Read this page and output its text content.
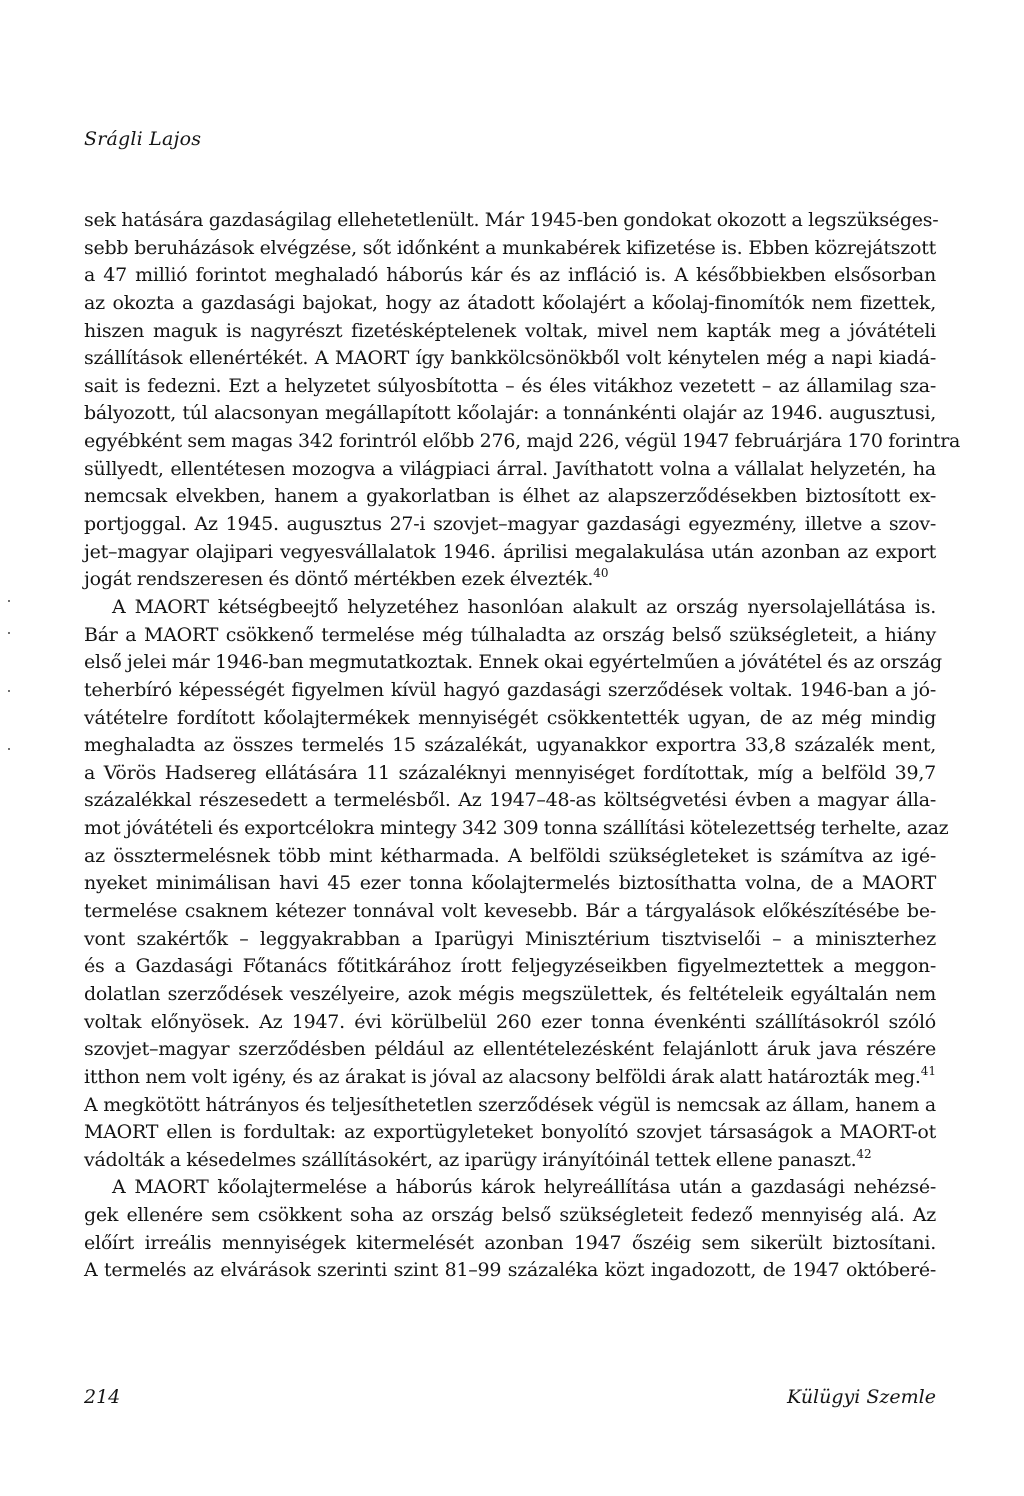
Srágli Lajos
sek hatására gazdaságilag ellehetetlenült. Már 1945-ben gondokat okozott a legszükséges-
sebb beruházások elvégzése, sőt időnként a munkabérek kifizetése is. Ebben közrejátszott
a 47 millió forintot meghaladó háborús kár és az infláció is. A későbbiekben elsősorban
az okozta a gazdasági bajokat, hogy az átadott kőolajért a kőolaj-finomítók nem fizettek,
hiszen maguk is nagyrészt fizetésképtelenek voltak, mivel nem kapták meg a jóvátételi
szállítások ellenértékét. A MAORT így bankkölcsönökből volt kénytelen még a napi kiadá-
sait is fedezni. Ezt a helyzetet súlyosbította – és éles vitákhoz vezetett – az államilag sza-
bályozott, túl alacsonyan megállapított kőolajár: a tonnánkénti olajár az 1946. augusztusi,
egyébként sem magas 342 forintról előbb 276, majd 226, végül 1947 februárjára 170 forintra
süllyedt, ellentétesen mozogva a világpiaci árral. Javíthatott volna a vállalat helyzetén, ha
nemcsak elvekben, hanem a gyakorlatban is élhet az alapszerződésekben biztosított ex-
portjoggal. Az 1945. augusztus 27-i szovjet–magyar gazdasági egyezmény, illetve a szov-
jet–magyar olajipari vegyesvállalatok 1946. áprilisi megalakulása után azonban az export
jogát rendszeresen és döntő mértékben ezek élvezték.$^{40}$
A MAORT kétségbeejtő helyzetéhez hasonlóan alakult az ország nyersolajellátása is.
Bár a MAORT csökkenő termelése még túlhaladta az ország belső szükségleteit, a hiány
első jelei már 1946-ban megmutatkoztak. Ennek okai egyértelműen a jóvátétel és az ország
teherbíró képességét figyelmen kívül hagyó gazdasági szerződések voltak. 1946-ban a jó-
vátételre fordított kőolajtermékek mennyiségét csökkentették ugyan, de az még mindig
meghaladta az összes termelés 15 százalékát, ugyanakkor exportra 33,8 százalék ment,
a Vörös Hadsereg ellátására 11 százaléknyi mennyiséget fordítottak, míg a belföld 39,7
százalékkal részesedett a termelésből. Az 1947–48-as költségvetési évben a magyar álla-
mot jóvátételi és exportcélokra mintegy 342 309 tonna szállítási kötelezettség terhelte, azaz
az össztermelésnek több mint kétharmada. A belföldi szükségleteket is számítva az igé-
nyeket minimálisan havi 45 ezer tonna kőolajtermelés biztosíthatta volna, de a MAORT
termelése csaknem kétezer tonnával volt kevesebb. Bár a tárgyalások előkészítésébe be-
vont szakértők – leggyakrabban a Iparügyi Minisztérium tisztviselői – a miniszterhez
és a Gazdasági Főtanács főtitkárához írott feljegyzéseikben figyelmeztettek a meggon-
dolatlan szerződések veszélyeire, azok mégis megszülettek, és feltételeik egyáltalán nem
voltak előnyösek. Az 1947. évi körülbelül 260 ezer tonna évenkénti szállításokról szóló
szovjet–magyar szerződésben például az ellentételezésként felajánlott áruk java részére
itthon nem volt igény, és az árakat is jóval az alacsony belföldi árak alatt határozták meg.$^{41}$
A megkötött hátrányos és teljesíthetetlen szerződések végül is nemcsak az állam, hanem a
MAORT ellen is fordultak: az exportügyleteket bonyolító szovjet társaságok a MAORT-ot
vádolták a késedelmes szállításokért, az iparügy irányítóinál tettek ellene panaszt.$^{42}$
A MAORT kőolajtermelése a háborús károk helyreállítása után a gazdasági nehézsé-
gek ellenére sem csökkent soha az ország belső szükségleteit fedező mennyiség alá. Az
előírt irreális mennyiségek kitermelését azonban 1947 őszéig sem sikerült biztosítani.
A termelés az elvárások szerinti szint 81–99 százaléka közt ingadozott, de 1947 októberé-
214	Külügyi Szemle
